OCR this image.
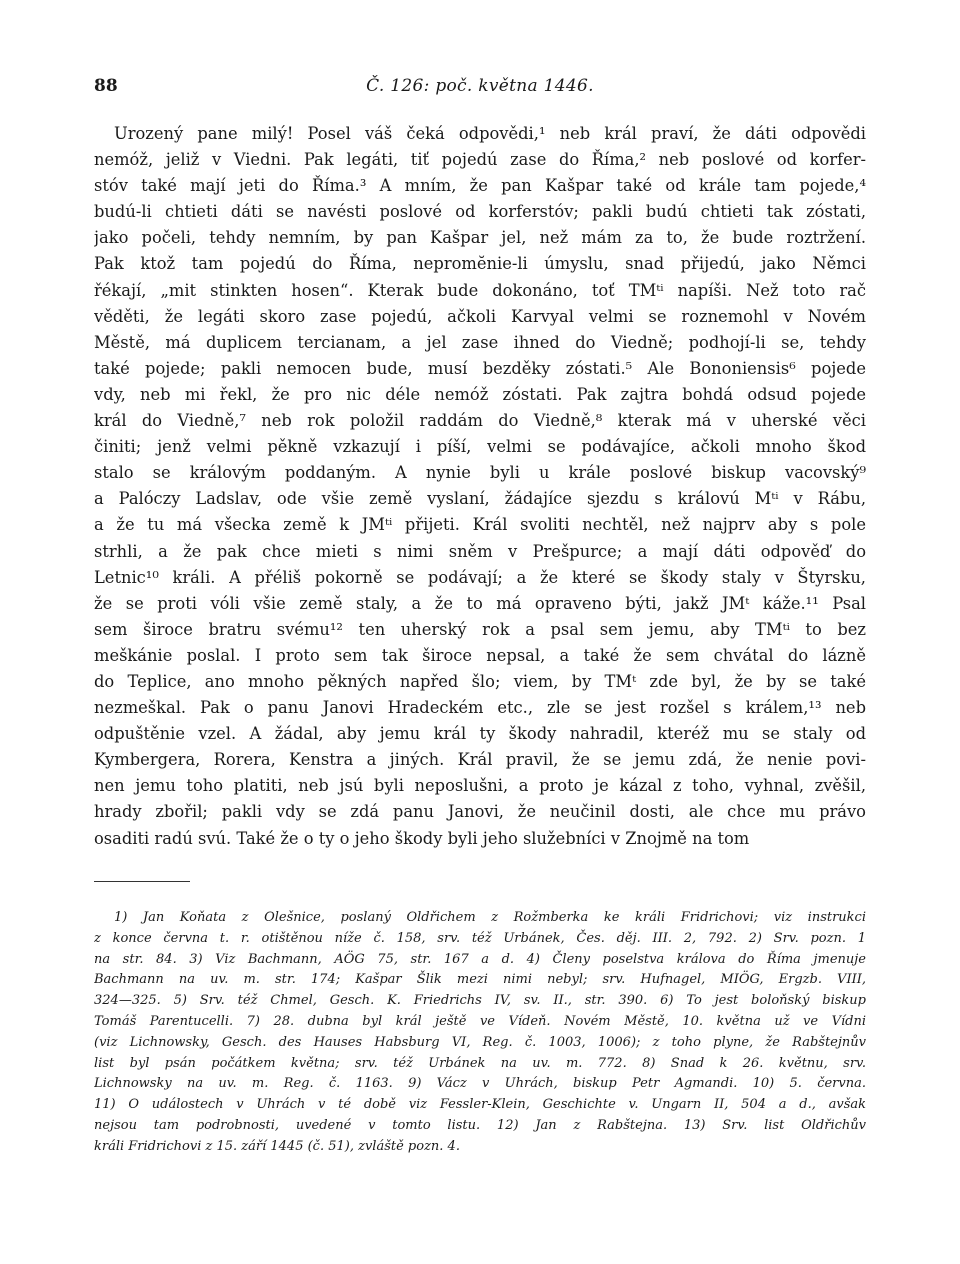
88	Č. 126: poč. května 1446.
Urozený pane milý! Posel váš čeká odpovědi,¹ neb král praví, že dáti odpovědi
nemóž, jeliž v Viedni. Pak legáti, tiť pojedú zase do Říma,² neb poslové od korfer-
stóv také mají jeti do Říma.³ A mním, že pan Kašpar také od krále tam pojede,⁴
budú-li chtieti dáti se navésti poslové od korferstóv; pakli budú chtieti tak zóstati,
jako počeli, tehdy nemním, by pan Kašpar jel, než mám za to, že bude roztržení.
Pak ktož tam pojedú do Říma, nepromĕnie-li úmyslu, snad přijedú, jako Němci
řékají, „mit stinkten hosen“. Kterak bude dokonáno, toť TMᵗⁱ napíši. Než toto rač
věděti, že legáti skoro zase pojedú, ačkoli Karvyal velmi se roznemohl v Novém
Městě, má duplicem tercianam, a jel zase ihned do Viedně; podhojí-li se, tehdy
také pojede; pakli nemocen bude, musí bezděky zóstati.⁵ Ale Bononiensis⁶ pojede
vdy, neb mi řekl, že pro nic déle nemóž zóstati. Pak zajtra bohdá odsud pojede
král do Viedně,⁷ neb rok položil raddám do Viedně,⁸ kterak má v uherské věci
činiti; jenž velmi pěkně vzkazují i píší, velmi se podávajíce, ačkoli mnoho škod
stalo se královým poddaným. A nynie byli u krále poslové biskup vacovský⁹
a Palóczy Ladslav, ode všie země vyslaní, žádajíce sjezdu s královú Mᵗⁱ v Rábu,
a že tu má všecka země k JMᵗⁱ přijeti. Král svoliti nechtěl, než najprv aby s pole
strhli, a že pak chce mieti s nimi sněm v Prešpurce; a mají dáti odpověď do
Letnic¹⁰ králi. A přéliš pokorně se podávají; a že které se škody staly v Štyrsku,
že se proti vóli všie země staly, a že to má opraveno býti, jakž JMᵗ káže.¹¹ Psal
sem široce bratru svému¹² ten uherský rok a psal sem jemu, aby TMᵗⁱ to bez
meškánie poslal. I proto sem tak široce nepsal, a také že sem chvátal do lázně
do Teplice, ano mnoho pěkných napřed šlo; viem, by TMᵗ zde byl, že by se také
nezmeškal. Pak o panu Janovi Hradeckém etc., zle se jest rozšel s králem,¹³ neb
odpuštěnie vzel. A žádal, aby jemu král ty škody nahradil, kteréž mu se staly od
Kymbergera, Rorera, Kenstra a jiných. Král pravil, že se jemu zdá, že nenie povi-
nen jemu toho platiti, neb jsú byli neposlušni, a proto je kázal z toho, vyhnal, zvěšil,
hrady zbořil; pakli vdy se zdá panu Janovi, že neučinil dosti, ale chce mu právo
osaditi radú svú. Také že o ty o jeho škody byli jeho služebníci v Znojmě na tom
1) Jan Koňata z Olešnice, poslaný Oldřichem z Rožmberka ke králi Fridrichovi; viz instrukci
z konce června t. r. otištěnou níže č. 158, srv. též Urbánek, Čes. děj. III. 2, 792. 2) Srv. pozn. 1
na str. 84. 3) Viz Bachmann, AÖG 75, str. 167 a d. 4) Členy poselstva králova do Říma jmenuje
Bachmann na uv. m. str. 174; Kašpar Šlik mezi nimi nebyl; srv. Hufnagel, MIÖG, Ergzb. VIII,
324—325. 5) Srv. též Chmel, Gesch. K. Friedrichs IV, sv. II., str. 390. 6) To jest boloňský biskup
Tomáš Parentucelli. 7) 28. dubna byl král ještě ve Vídeň. Novém Městě, 10. května už ve Vídni
(viz Lichnowsky, Gesch. des Hauses Habsburg VI, Reg. č. 1003, 1006); z toho plyne, že Rabštejnův
list byl psán počátkem května; srv. též Urbánek na uv. m. 772. 8) Snad k 26. květnu, srv.
Lichnowsky na uv. m. Reg. č. 1163. 9) Vácz v Uhrách, biskup Petr Agmandi. 10) 5. června.
11) O událostech v Uhrách v té době viz Fessler-Klein, Geschichte v. Ungarn II, 504 a d., avšak
nejsou tam podrobnosti, uvedené v tomto listu. 12) Jan z Rabštejna. 13) Srv. list Oldřichův
králi Fridrichovi z 15. září 1445 (č. 51), zvláště pozn. 4.
